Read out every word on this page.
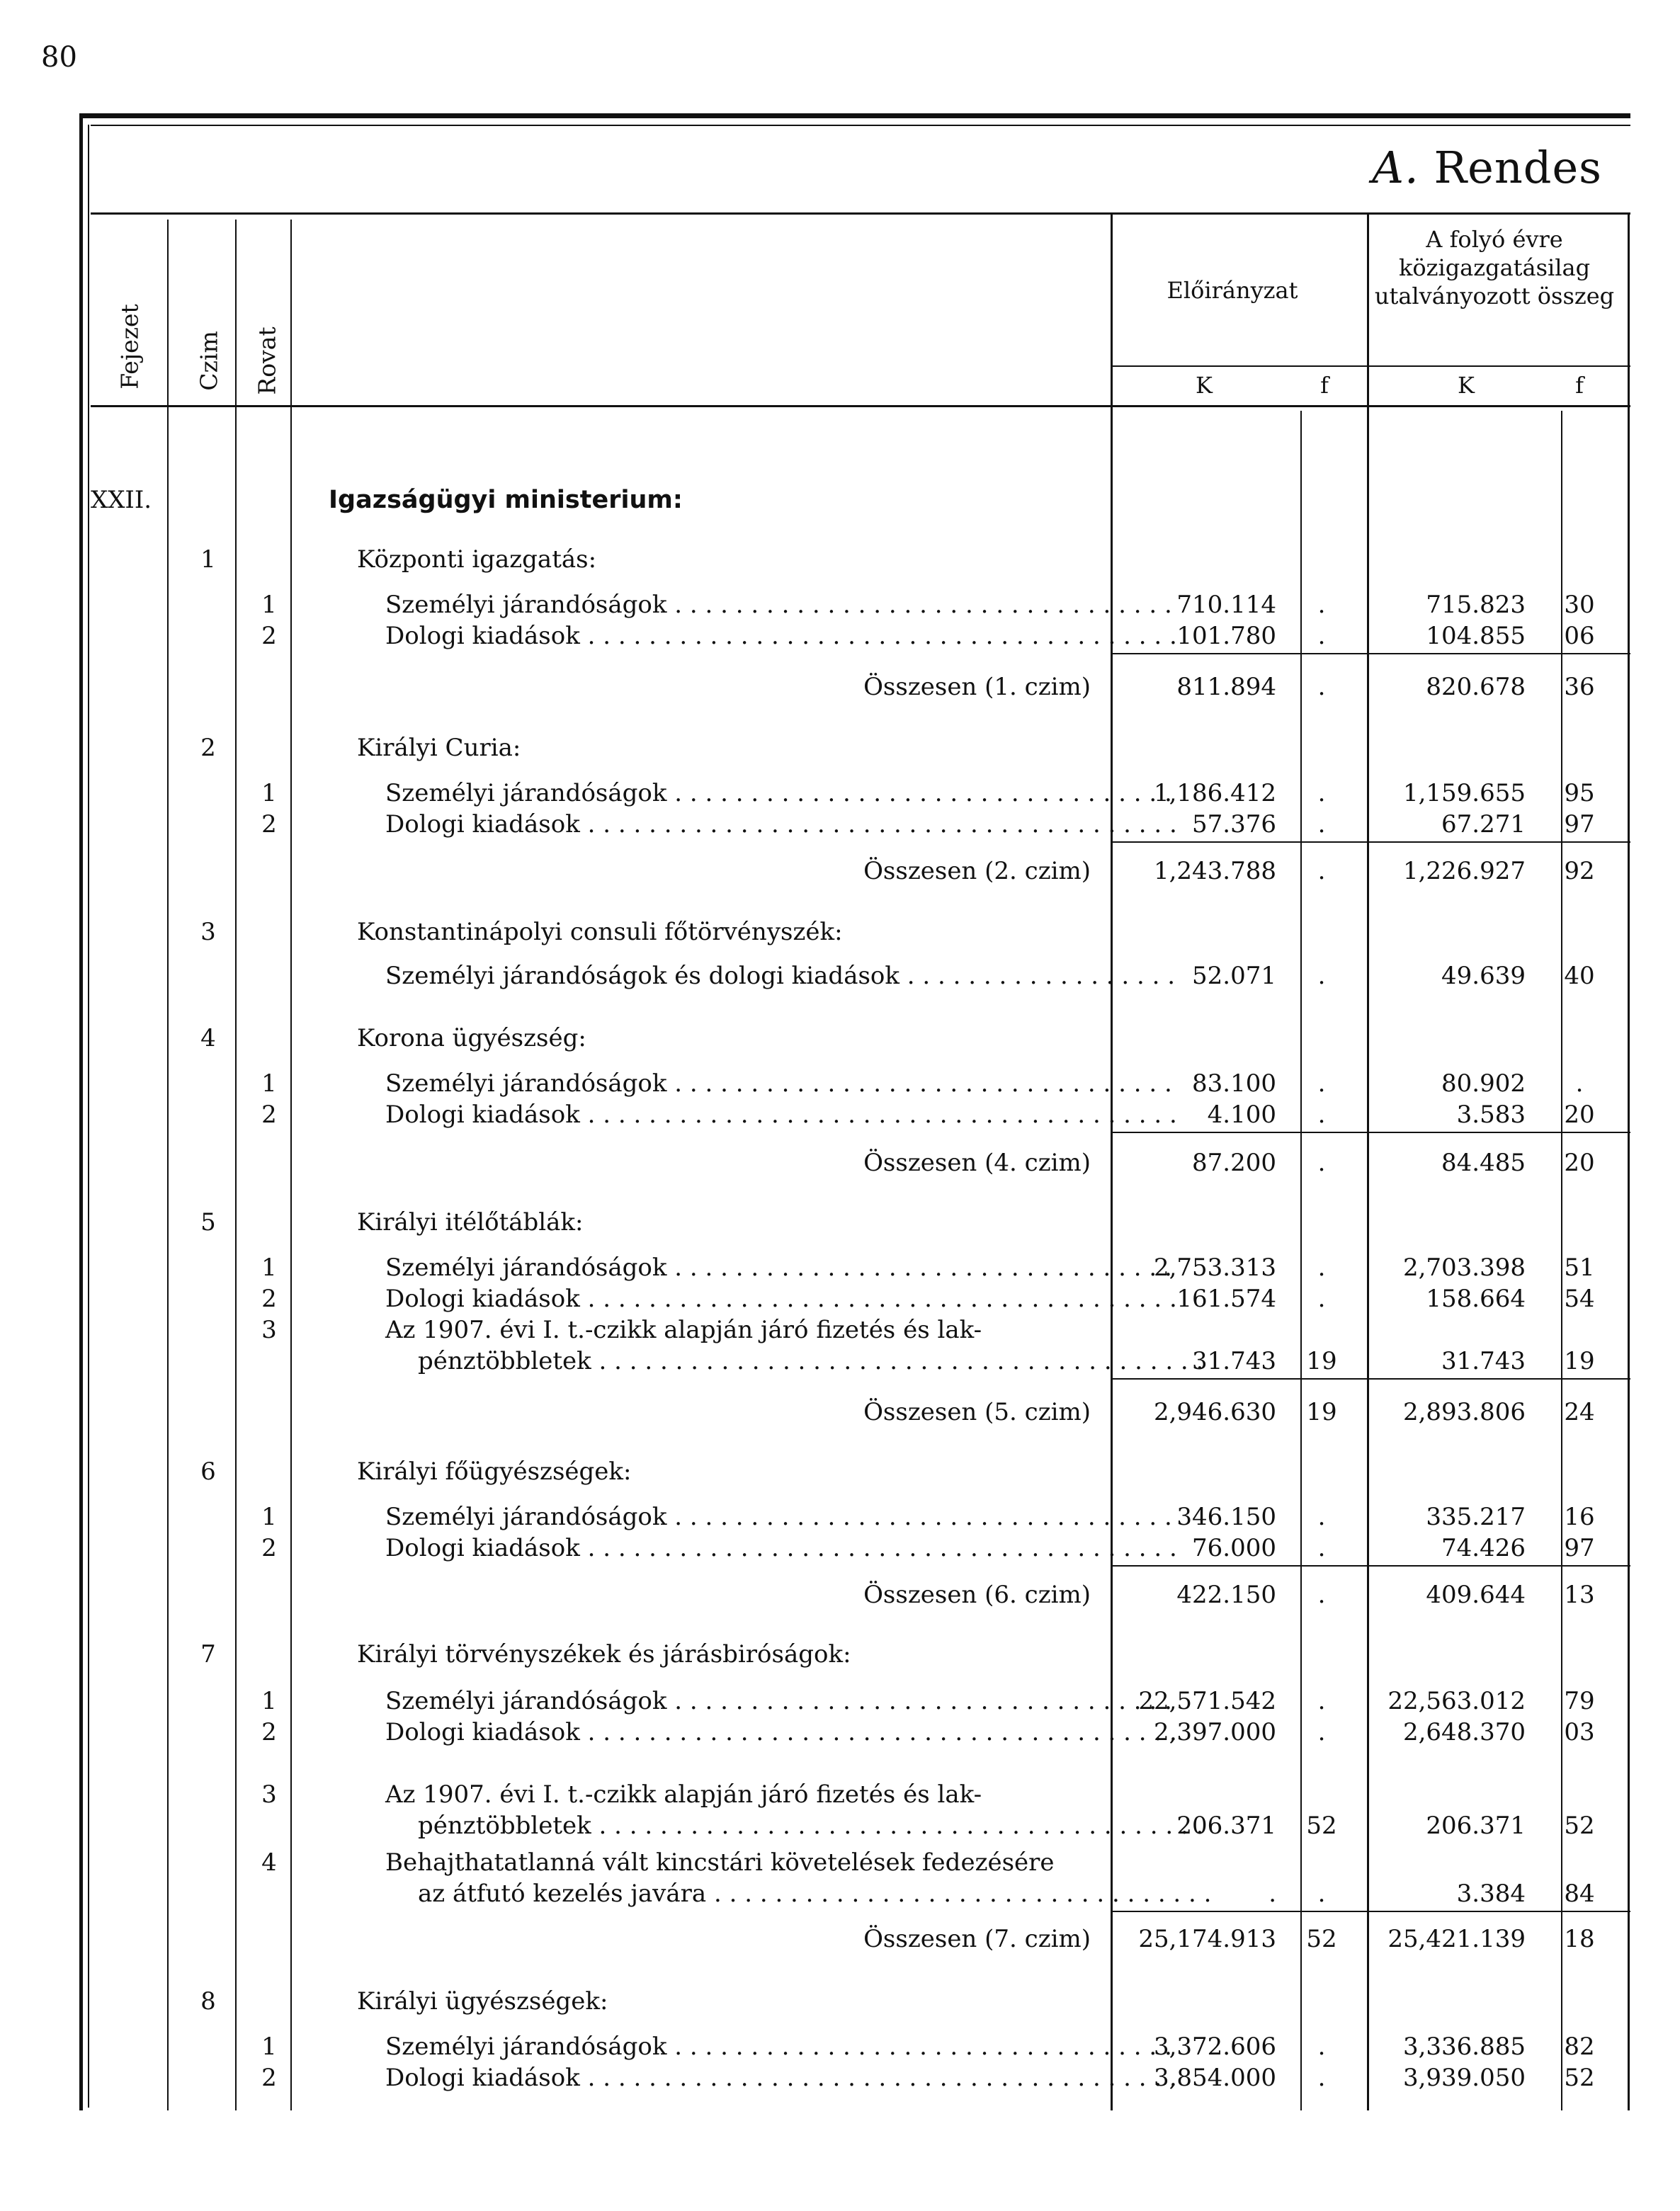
80
A. Rendes
Fejezet Czim Rovat
Előirányzat
A folyó évre közigazgatásilag utalványozott összeg
K	f	K	f
XXII.	Igazságügyi ministerium:
1	Központi igazgatás:
1	Személyi járandóságok . . .	710.114	.	715.823	30
2	Dologi kiadások . . .	101.780	.	104.855	06
Összesen (1. czim)	811.894	.	820.678	36
2	Királyi Curia:
1	Személyi járandóságok . . .	1,186.412	.	1,159.655	95
2	Dologi kiadások . . .	57.376	.	67.271	97
Összesen (2. czim)	1,243.788	.	1,226.927	92
3	Konstantinápolyi consuli főtörvényszék:
Személyi járandóságok és dologi kiadások . . .	52.071	.	49.639	40
4	Korona ügyészség:
1	Személyi járandóságok . . .	83.100	.	80.902	.
2	Dologi kiadások . . .	4.100	.	3.583	20
Összesen (4. czim)	87.200	.	84.485	20
5	Királyi itélőtáblák:
1	Személyi járandóságok . . .	2,753.313	.	2,703.398	51
2	Dologi kiadások . . .	161.574	.	158.664	54
3	Az 1907. évi I. t.-czikk alapján járó fizetés és lak-
pénztöbbletek . . .	31.743	19	31.743	19
Összesen (5. czim)	2,946.630	19	2,893.806	24
6	Királyi főügyészségek:
1	Személyi járandóságok . . .	346.150	.	335.217	16
2	Dologi kiadások . . .	76.000	.	74.426	97
Összesen (6. czim)	422.150	.	409.644	13
7	Királyi törvényszékek és járásbiróságok:
1	Személyi járandóságok . . .	22,571.542	.	22,563.012	79
2	Dologi kiadások . . .	2,397.000	.	2,648.370	03
3	Az 1907. évi I. t.-czikk alapján járó fizetés és lak-
pénztöbbletek . . .	206.371	52	206.371	52
4	Behajthatatlanná vált kincstári követelések fedezésére
az átfutó kezelés javára . . .	.	.	3.384	84
Összesen (7. czim)	25,174.913	52	25,421.139	18
8	Királyi ügyészségek:
1	Személyi járandóságok . . .	3,372.606	.	3,336.885	82
2	Dologi kiadások . . .	3,854.000	.	3,939.050	52
